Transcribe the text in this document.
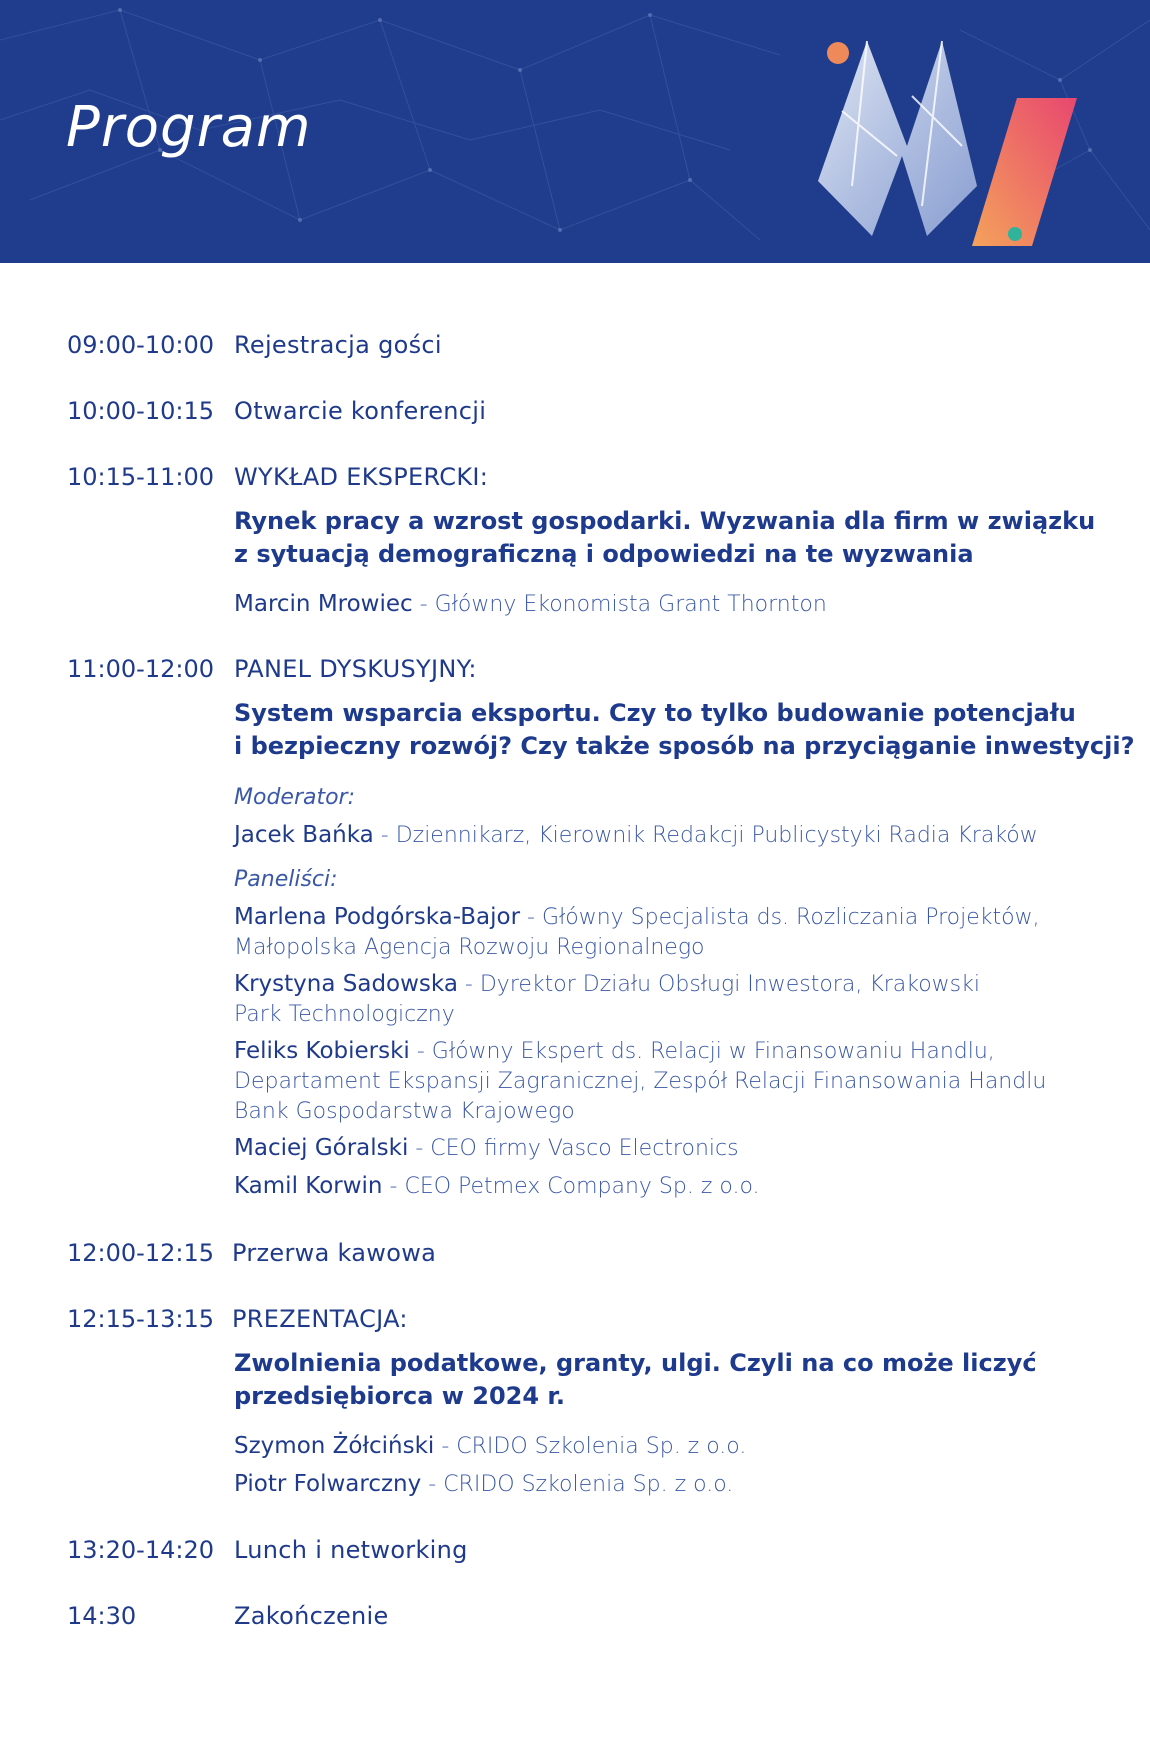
Program
09:00-10:00 Rejestracja gości
10:00-10:15 Otwarcie konferencji
10:15-11:00 WYKŁAD EKSPERCKI:
Rynek pracy a wzrost gospodarki. Wyzwania dla firm w związku
z sytuacją demograficzną i odpowiedzi na te wyzwania
Marcin Mrowiec - Główny Ekonomista Grant Thornton
11:00-12:00 PANEL DYSKUSYJNY:
System wsparcia eksportu. Czy to tylko budowanie potencjału
i bezpieczny rozwój? Czy także sposób na przyciąganie inwestycji?
Moderator:
Jacek Bańka - Dziennikarz, Kierownik Redakcji Publicystyki Radia Kraków
Paneliści:
Marlena Podgórska-Bajor - Główny Specjalista ds. Rozliczania Projektów,
Małopolska Agencja Rozwoju Regionalnego
Krystyna Sadowska - Dyrektor Działu Obsługi Inwestora, Krakowski
Park Technologiczny
Feliks Kobierski - Główny Ekspert ds. Relacji w Finansowaniu Handlu,
Departament Ekspansji Zagranicznej, Zespół Relacji Finansowania Handlu
Bank Gospodarstwa Krajowego
Maciej Góralski - CEO firmy Vasco Electronics
Kamil Korwin - CEO Petmex Company Sp. z o.o.
12:00-12:15 Przerwa kawowa
12:15-13:15 PREZENTACJA:
Zwolnienia podatkowe, granty, ulgi. Czyli na co może liczyć
przedsiębiorca w 2024 r.
Szymon Żółciński - CRIDO Szkolenia Sp. z o.o.
Piotr Folwarczny - CRIDO Szkolenia Sp. z o.o.
13:20-14:20 Lunch i networking
14:30	Zakończenie
